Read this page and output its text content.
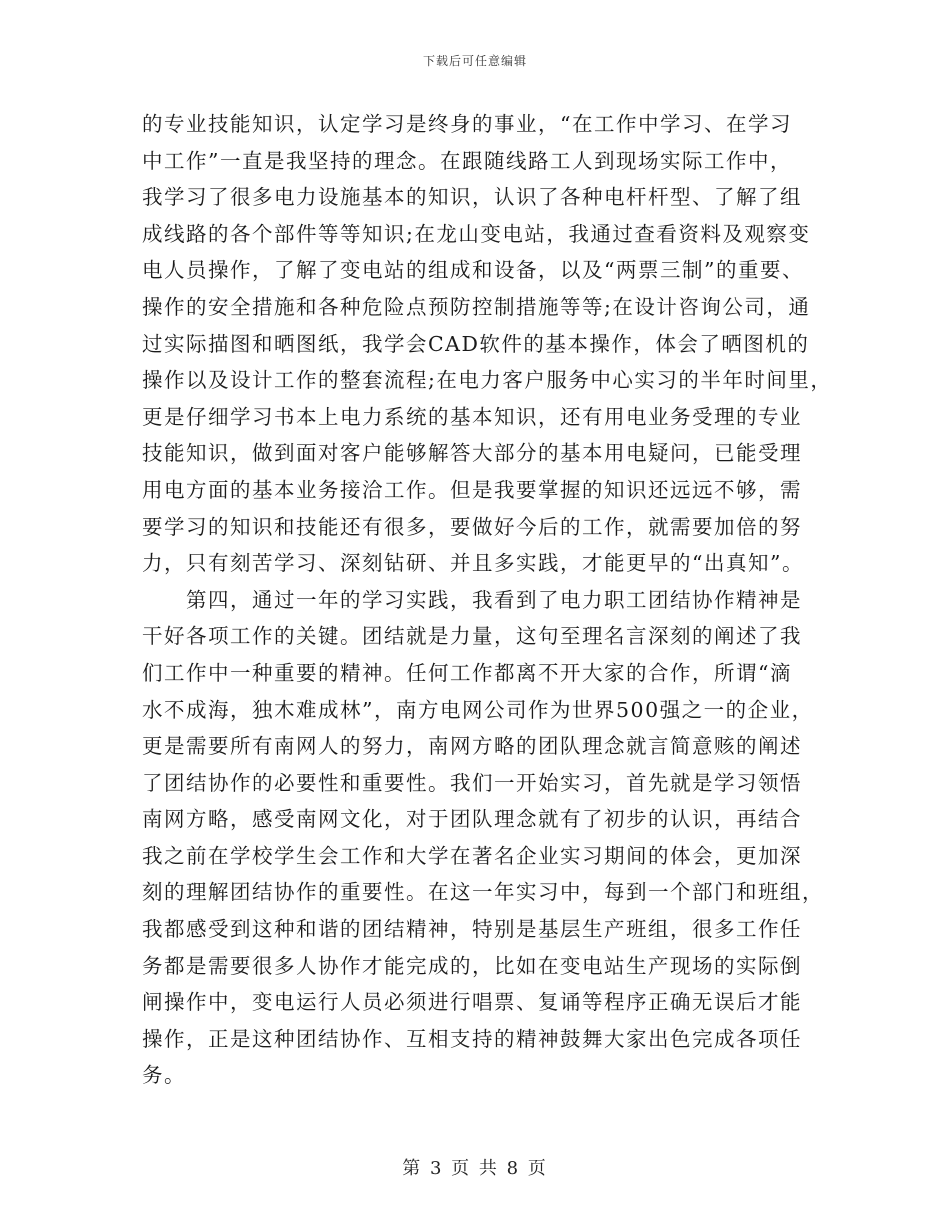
下载后可任意编辑
的专业技能知识，认定学习是终身的事业，“在工作中学习、在学习
中工作”一直是我坚持的理念。在跟随线路工人到现场实际工作中，
我学习了很多电力设施基本的知识，认识了各种电杆杆型、了解了组
成线路的各个部件等等知识;在龙山变电站，我通过查看资料及观察变
电人员操作，了解了变电站的组成和设备，以及“两票三制”的重要、
操作的安全措施和各种危险点预防控制措施等等;在设计咨询公司，通
过实际描图和晒图纸，我学会CAD软件的基本操作，体会了晒图机的
操作以及设计工作的整套流程;在电力客户服务中心实习的半年时间里，
更是仔细学习书本上电力系统的基本知识，还有用电业务受理的专业
技能知识，做到面对客户能够解答大部分的基本用电疑问，已能受理
用电方面的基本业务接洽工作。但是我要掌握的知识还远远不够，需
要学习的知识和技能还有很多，要做好今后的工作，就需要加倍的努
力，只有刻苦学习、深刻钻研、并且多实践，才能更早的“出真知”。
第四，通过一年的学习实践，我看到了电力职工团结协作精神是
干好各项工作的关键。团结就是力量，这句至理名言深刻的阐述了我
们工作中一种重要的精神。任何工作都离不开大家的合作，所谓“滴
水不成海，独木难成林”，南方电网公司作为世界500强之一的企业，
更是需要所有南网人的努力，南网方略的团队理念就言简意赅的阐述
了团结协作的必要性和重要性。我们一开始实习，首先就是学习领悟
南网方略，感受南网文化，对于团队理念就有了初步的认识，再结合
我之前在学校学生会工作和大学在著名企业实习期间的体会，更加深
刻的理解团结协作的重要性。在这一年实习中，每到一个部门和班组，
我都感受到这种和谐的团结精神，特别是基层生产班组，很多工作任
务都是需要很多人协作才能完成的，比如在变电站生产现场的实际倒
闸操作中，变电运行人员必须进行唱票、复诵等程序正确无误后才能
操作，正是这种团结协作、互相支持的精神鼓舞大家出色完成各项任
务。
第 3 页 共 8 页
